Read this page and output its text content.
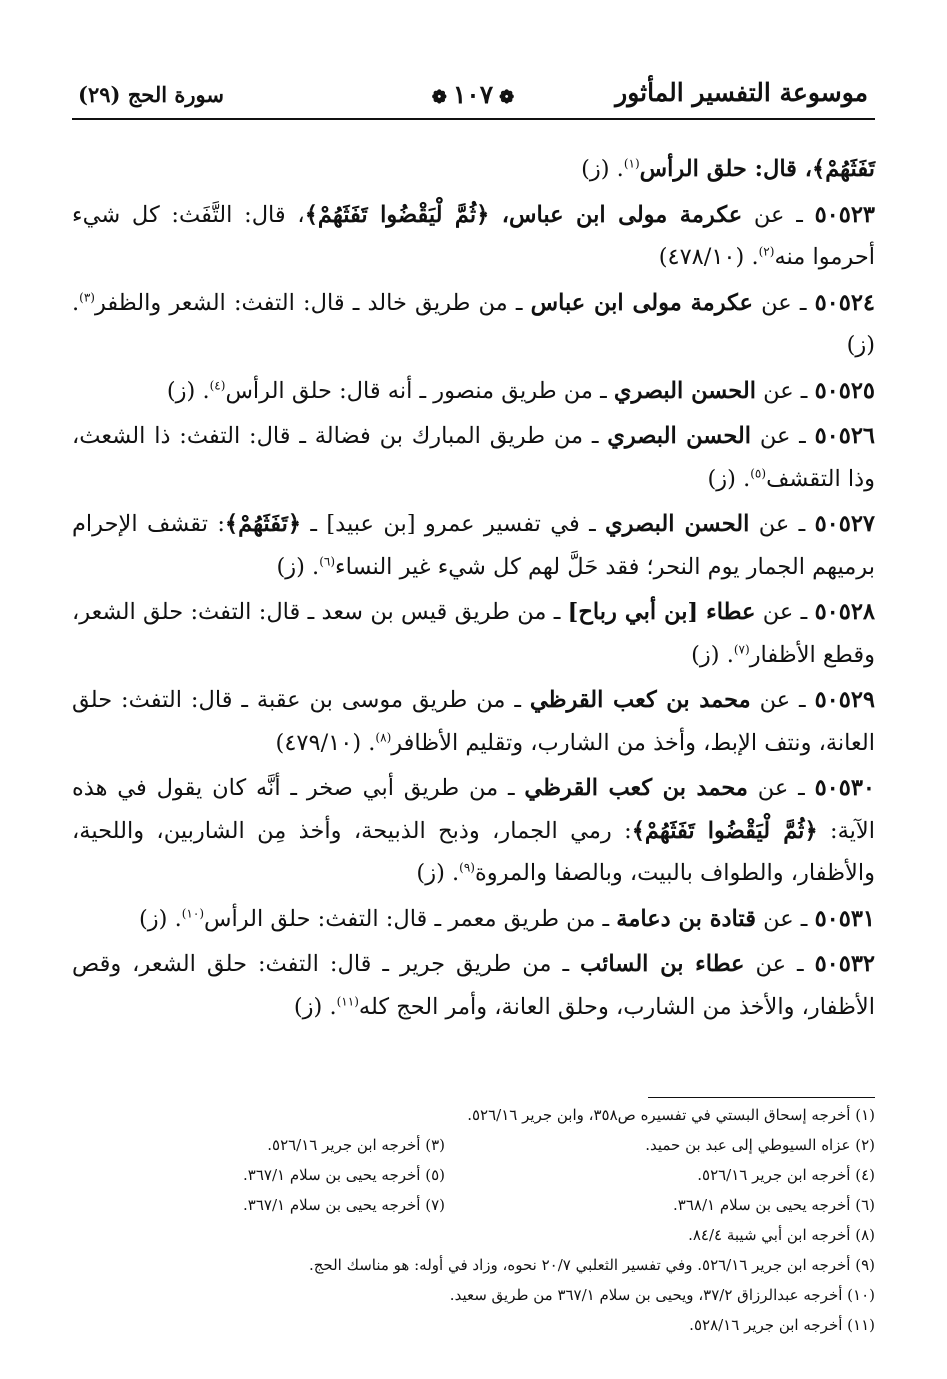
موسوعة التفسير المأثور
❁١٠٧❁
سورة الحج (٢٩)

تَفَثَهُمْ﴾، قال: حلق الرأس$^{(١)}$. (ز)

٥٠٥٢٣ ـ عن عكرمة مولى ابن عباس، ﴿ثُمَّ لْيَقْضُوا تَفَثَهُمْ﴾، قال: التَّفَث: كل شيء أحرموا منه$^{(٢)}$. (٤٧٨/١٠)

٥٠٥٢٤ ـ عن عكرمة مولى ابن عباس ـ من طريق خالد ـ قال: التفث: الشعر والظفر$^{(٣)}$. (ز)

٥٠٥٢٥ ـ عن الحسن البصري ـ من طريق منصور ـ أنه قال: حلق الرأس$^{(٤)}$. (ز)

٥٠٥٢٦ ـ عن الحسن البصري ـ من طريق المبارك بن فضالة ـ قال: التفث: ذا الشعث، وذا التقشف$^{(٥)}$. (ز)

٥٠٥٢٧ ـ عن الحسن البصري ـ في تفسير عمرو [بن عبيد] ـ ﴿تَفَثَهُمْ﴾: تقشف الإحرام برميهم الجمار يوم النحر؛ فقد حَلَّ لهم كل شيء غير النساء$^{(٦)}$. (ز)

٥٠٥٢٨ ـ عن عطاء [بن أبي رباح] ـ من طريق قيس بن سعد ـ قال: التفث: حلق الشعر، وقطع الأظفار$^{(٧)}$. (ز)

٥٠٥٢٩ ـ عن محمد بن كعب القرظي ـ من طريق موسى بن عقبة ـ قال: التفث: حلق العانة، ونتف الإبط، وأخذ من الشارب، وتقليم الأظافر$^{(٨)}$. (٤٧٩/١٠)

٥٠٥٣٠ ـ عن محمد بن كعب القرظي ـ من طريق أبي صخر ـ أنَّه كان يقول في هذه الآية: ﴿ثُمَّ لْيَقْضُوا تَفَثَهُمْ﴾: رمي الجمار، وذبح الذبيحة، وأخذ مِن الشاربين، واللحية، والأظفار، والطواف بالبيت، وبالصفا والمروة$^{(٩)}$. (ز)

٥٠٥٣١ ـ عن قتادة بن دعامة ـ من طريق معمر ـ قال: التفث: حلق الرأس$^{(١٠)}$. (ز)

٥٠٥٣٢ ـ عن عطاء بن السائب ـ من طريق جرير ـ قال: التفث: حلق الشعر، وقص الأظفار، والأخذ من الشارب، وحلق العانة، وأمر الحج كله$^{(١١)}$. (ز)

(١) أخرجه إسحاق البستي في تفسيره ص٣٥٨، وابن جرير ٥٢٦/١٦.
(٢) عزاه السيوطي إلى عبد بن حميد.
(٣) أخرجه ابن جرير ٥٢٦/١٦.
(٤) أخرجه ابن جرير ٥٢٦/١٦.
(٥) أخرجه يحيى بن سلام ٣٦٧/١.
(٦) أخرجه يحيى بن سلام ٣٦٨/١.
(٧) أخرجه يحيى بن سلام ٣٦٧/١.
(٨) أخرجه ابن أبي شيبة ٨٤/٤.
(٩) أخرجه ابن جرير ٥٢٦/١٦. وفي تفسير الثعلبي ٢٠/٧ نحوه، وزاد في أوله: هو مناسك الحج.
(١٠) أخرجه عبدالرزاق ٣٧/٢، ويحيى بن سلام ٣٦٧/١ من طريق سعيد.
(١١) أخرجه ابن جرير ٥٢٨/١٦.
